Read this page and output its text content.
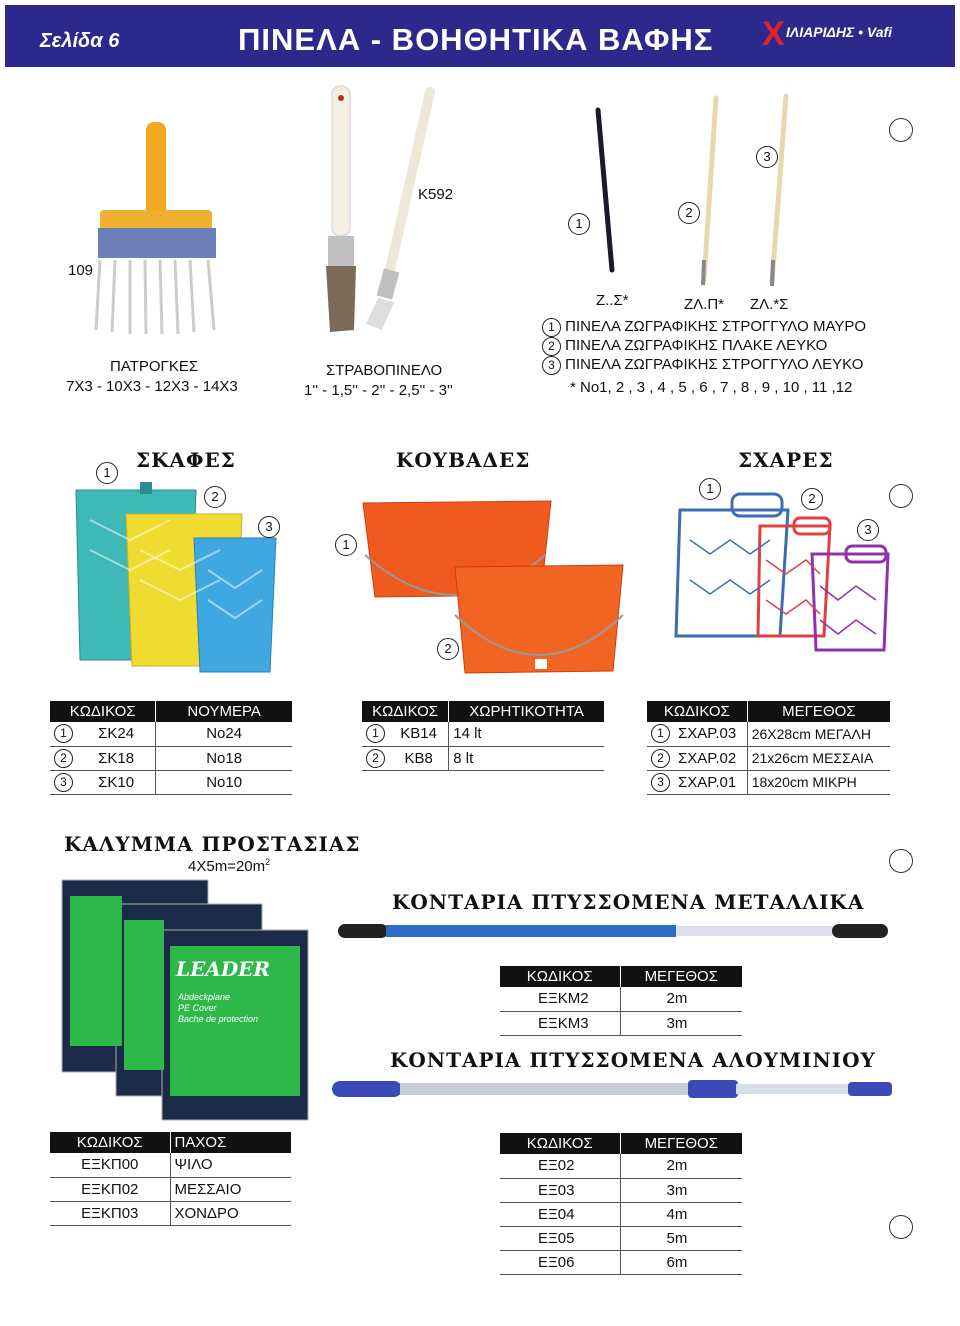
Σελίδα 6	ΠΙΝΕΛΑ - ΒΟΗΘΗΤΙΚΑ ΒΑΦΗΣ X ΙΛΙΑΡΙΔΗΣ • Vafi
109
ΠΑΤΡΟΓΚΕΣ
7X3 - 10X3 - 12X3 - 14X3
K592
ΣΤΡΑΒΟΠΙΝΕΛΟ
1'' - 1,5'' - 2'' - 2,5'' - 3''
1
2
3
Ζ..Σ*	ΖΛ.Π* ΖΛ.*Σ
1 ΠΙΝΕΛΑ ΖΩΓΡΑΦΙΚΗΣ ΣΤΡΟΓΓΥΛΟ ΜΑΥΡΟ
2 ΠΙΝΕΛΑ ΖΩΓΡΑΦΙΚΗΣ ΠΛΑΚΕ ΛΕΥΚΟ
3 ΠΙΝΕΛΑ ΖΩΓΡΑΦΙΚΗΣ ΣΤΡΟΓΓΥΛΟ ΛΕΥΚΟ
* No1, 2 , 3 , 4 , 5 , 6 , 7 , 8 , 9 , 10 , 11 ,12
ΣΚΑΦΕΣ	ΚΟΥΒΑΔΕΣ	ΣΧΑΡΕΣ
1
2
3
1
2
1
2
3
ΚΩΔΙΚΟΣ		ΝΟΥΜΕΡΑ
1	ΣΚ24	No24
2	ΣΚ18	No18
3	ΣΚ10	No10
ΚΩΔΙΚΟΣ		ΧΩΡΗΤΙΚΟΤΗΤΑ
1	KB14	14 lt
2	KB8	8 lt
ΚΩΔΙΚΟΣ		ΜΕΓΕΘΟΣ
1	ΣΧΑΡ.03	26X28cm ΜΕΓΑΛΗ
2	ΣΧΑΡ.02	21x26cm ΜΕΣΣΑΙΑ
3	ΣΧΑΡ.01	18x20cm ΜΙΚΡΗ
ΚΑΛΥΜΜΑ ΠΡΟΣΤΑΣΙΑΣ
$4X5m=20m^2$
LEADER
Abdeckplane
PE Cover
Bache de protection
ΚΟΝΤΑΡΙΑ ΠΤΥΣΣΟΜΕΝΑ ΜΕΤΑΛΛΙΚΑ
ΚΩΔΙΚΟΣ	ΜΕΓΕΘΟΣ
ΕΞΚΜ2	2m
ΕΞΚΜ3	3m
ΚΟΝΤΑΡΙΑ ΠΤΥΣΣΟΜΕΝΑ ΑΛΟΥΜΙΝΙΟΥ
ΚΩΔΙΚΟΣ	ΠΑΧΟΣ
ΕΞΚΠ00	ΨΙΛΟ
ΕΞΚΠ02	ΜΕΣΣΑΙΟ
ΕΞΚΠ03	ΧΟΝΔΡΟ
ΚΩΔΙΚΟΣ	ΜΕΓΕΘΟΣ
ΕΞ02	2m
ΕΞ03	3m
ΕΞ04	4m
ΕΞ05	5m
ΕΞ06	6m
